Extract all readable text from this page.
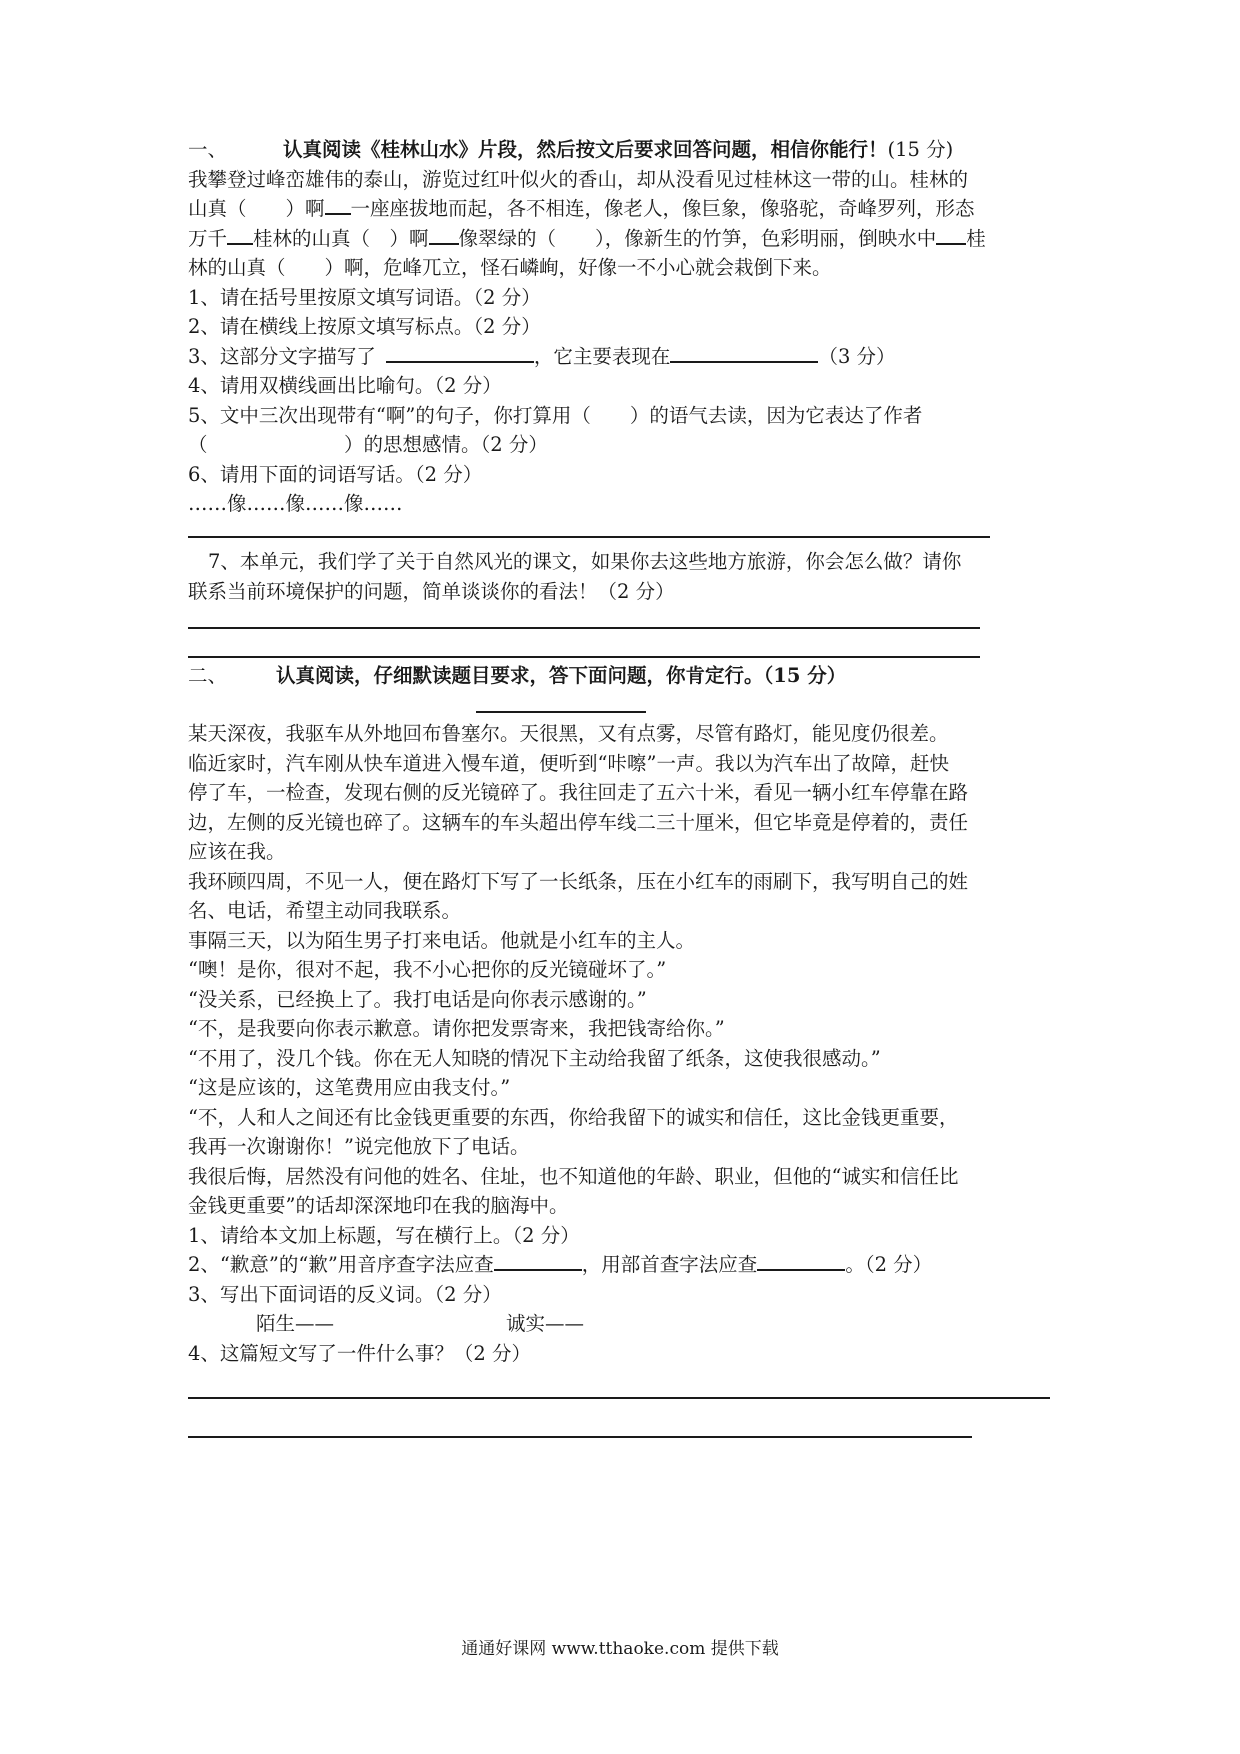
一、	认真阅读《桂林山水》片段，然后按文后要求回答问题，相信你能行！(15 分)
我攀登过峰峦雄伟的泰山，游览过红叶似火的香山，却从没看见过桂林这一带的山。桂林的
山真（　　）啊 一座座拔地而起，各不相连，像老人，像巨象，像骆驼，奇峰罗列，形态
万千 桂林的山真（　）啊 像翠绿的（　　），像新生的竹笋，色彩明丽，倒映水中 桂
林的山真（　　）啊，危峰兀立，怪石嶙峋，好像一不小心就会栽倒下来。
1、请在括号里按原文填写词语。（2 分）
2、请在横线上按原文填写标点。（2 分）
3、这部分文字描写了	，它主要表现在	（3 分）
4、请用双横线画出比喻句。（2 分）
5、文中三次出现带有“啊”的句子，你打算用（　　）的语气去读，因为它表达了作者
（　　　　　　　）的思想感情。（2 分）
6、请用下面的词语写话。（2 分）
……像……像……像……
7、本单元，我们学了关于自然风光的课文，如果你去这些地方旅游，你会怎么做？请你
联系当前环境保护的问题，简单谈谈你的看法！（2 分）
二、	认真阅读，仔细默读题目要求，答下面问题，你肯定行。（15 分）
某天深夜，我驱车从外地回布鲁塞尔。天很黑，又有点雾，尽管有路灯，能见度仍很差。
临近家时，汽车刚从快车道进入慢车道，便听到“咔嚓”一声。我以为汽车出了故障，赶快
停了车，一检查，发现右侧的反光镜碎了。我往回走了五六十米，看见一辆小红车停靠在路
边，左侧的反光镜也碎了。这辆车的车头超出停车线二三十厘米，但它毕竟是停着的，责任
应该在我。
我环顾四周，不见一人，便在路灯下写了一长纸条，压在小红车的雨刷下，我写明自己的姓
名、电话，希望主动同我联系。
事隔三天，以为陌生男子打来电话。他就是小红车的主人。
“噢！是你，很对不起，我不小心把你的反光镜碰坏了。”
“没关系，已经换上了。我打电话是向你表示感谢的。”
“不，是我要向你表示歉意。请你把发票寄来，我把钱寄给你。”
“不用了，没几个钱。你在无人知晓的情况下主动给我留了纸条，这使我很感动。”
“这是应该的，这笔费用应由我支付。”
“不，人和人之间还有比金钱更重要的东西，你给我留下的诚实和信任，这比金钱更重要，
我再一次谢谢你！”说完他放下了电话。
我很后悔，居然没有问他的姓名、住址，也不知道他的年龄、职业，但他的“诚实和信任比
金钱更重要”的话却深深地印在我的脑海中。
1、请给本文加上标题，写在横行上。（2 分）
2、“歉意”的“歉”用音序查字法应查	，用部首查字法应查	。（2 分）
3、写出下面词语的反义词。（2 分）
陌生——	诚实——
4、这篇短文写了一件什么事？（2 分）
通通好课网 www.tthaoke.com 提供下载
